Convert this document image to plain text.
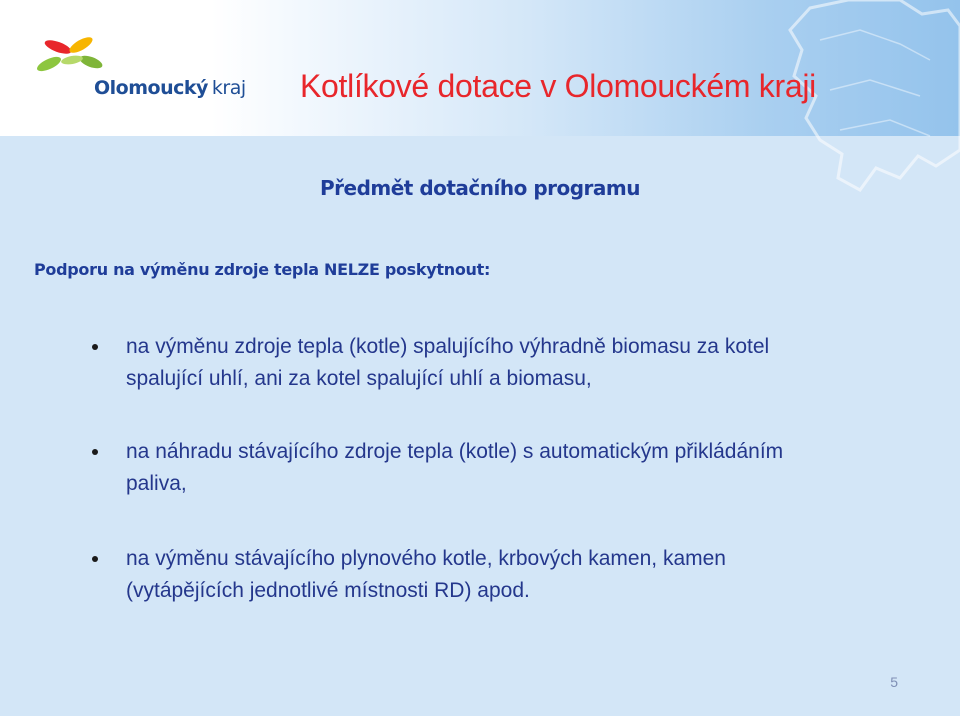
Olomoucký kraj Kotlíkové dotace v Olomouckém kraji
Předmět dotačního programu

Podporu na výměnu zdroje tepla NELZE poskytnout:

na výměnu zdroje tepla (kotle) spalujícího výhradně biomasu za kotel
spalující uhlí, ani za kotel spalující uhlí a biomasu,
na náhradu stávajícího zdroje tepla (kotle) s automatickým přikládáním
paliva,
na výměnu stávajícího plynového kotle, krbových kamen, kamen
(vytápějících jednotlivé místnosti RD) apod.
5
